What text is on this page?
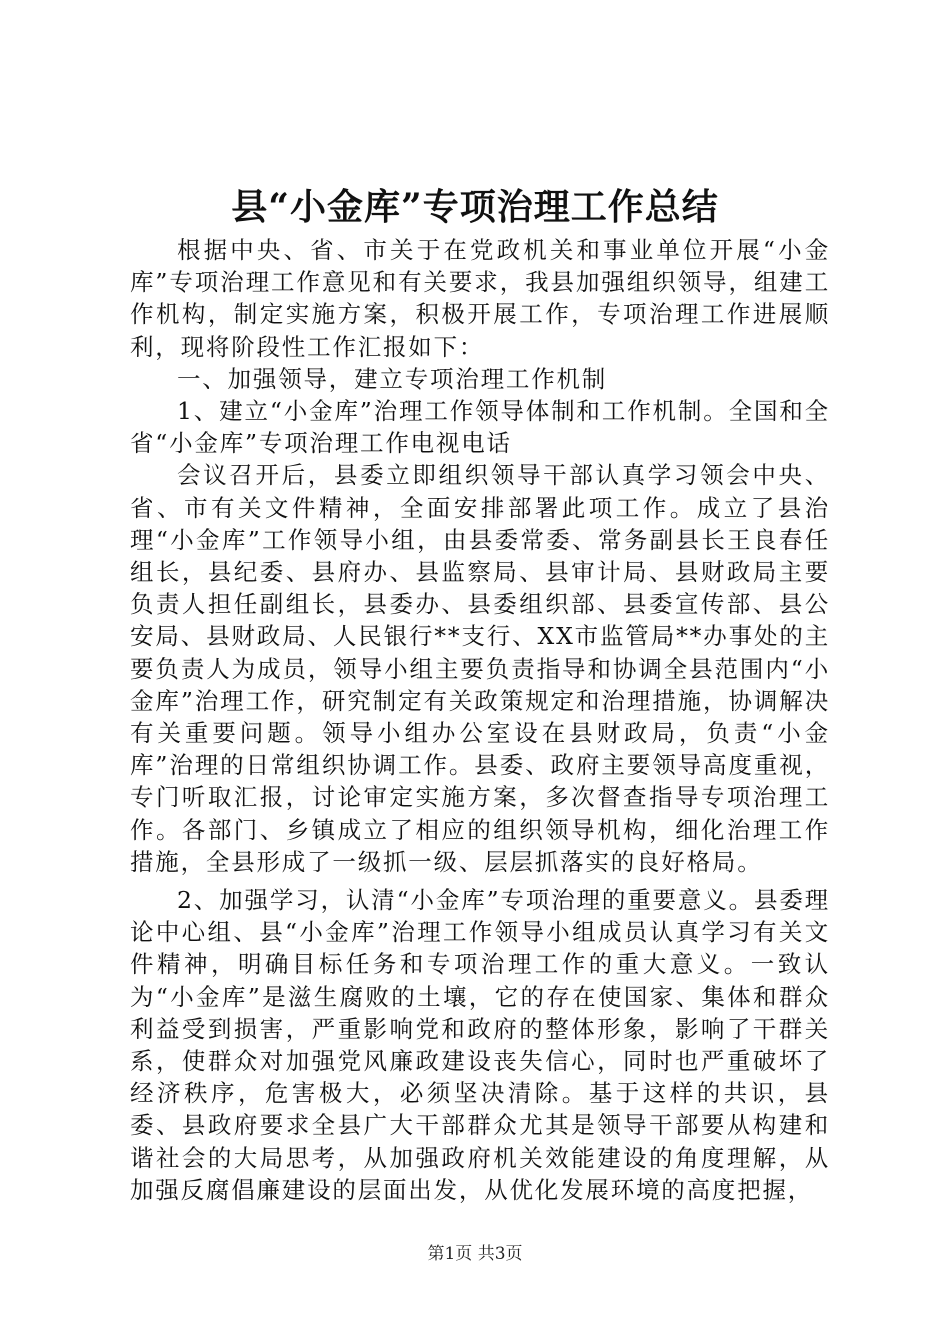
县“小金库”专项治理工作总结

根据中央、省、市关于在党政机关和事业单位开展“小金库”专项治理工作意见和有关要求，我县加强组织领导，组建工作机构，制定实施方案，积极开展工作，专项治理工作进展顺利，现将阶段性工作汇报如下：

一、加强领导，建立专项治理工作机制

1、建立“小金库”治理工作领导体制和工作机制。全国和全省“小金库”专项治理工作电视电话

会议召开后，县委立即组织领导干部认真学习领会中央、省、市有关文件精神，全面安排部署此项工作。成立了县治理“小金库”工作领导小组，由县委常委、常务副县长王良春任组长，县纪委、县府办、县监察局、县审计局、县财政局主要负责人担任副组长，县委办、县委组织部、县委宣传部、县公安局、县财政局、人民银行**支行、XX市监管局**办事处的主要负责人为成员，领导小组主要负责指导和协调全县范围内“小金库”治理工作，研究制定有关政策规定和治理措施，协调解决有关重要问题。领导小组办公室设在县财政局，负责“小金库”治理的日常组织协调工作。县委、政府主要领导高度重视，专门听取汇报，讨论审定实施方案，多次督查指导专项治理工作。各部门、乡镇成立了相应的组织领导机构，细化治理工作措施，全县形成了一级抓一级、层层抓落实的良好格局。

2、加强学习，认清“小金库”专项治理的重要意义。县委理论中心组、县“小金库”治理工作领导小组成员认真学习有关文件精神，明确目标任务和专项治理工作的重大意义。一致认为“小金库”是滋生腐败的土壤，它的存在使国家、集体和群众利益受到损害，严重影响党和政府的整体形象，影响了干群关系，使群众对加强党风廉政建设丧失信心，同时也严重破坏了经济秩序，危害极大，必须坚决清除。基于这样的共识，县委、县政府要求全县广大干部群众尤其是领导干部要从构建和谐社会的大局思考，从加强政府机关效能建设的角度理解，从加强反腐倡廉建设的层面出发，从优化发展环境的高度把握，

第1页 共3页
